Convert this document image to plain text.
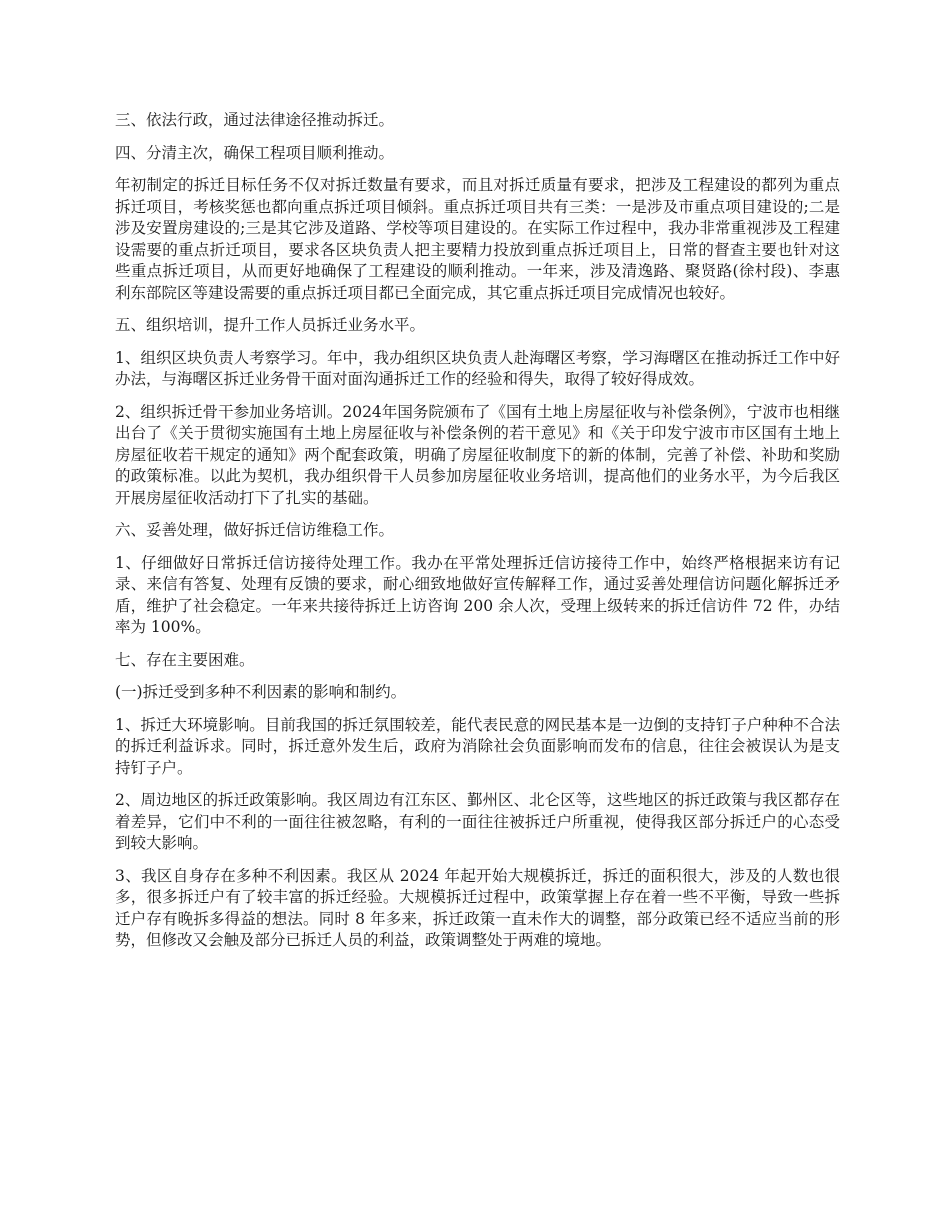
三、依法行政，通过法律途径推动拆迁。

四、分清主次，确保工程项目顺利推动。

年初制定的拆迁目标任务不仅对拆迁数量有要求，而且对拆迁质量有要求，把涉及工程建设的都列为重点拆迁项目，考核奖惩也都向重点拆迁项目倾斜。重点拆迁项目共有三类：一是涉及市重点项目建设的;二是涉及安置房建设的;三是其它涉及道路、学校等项目建设的。在实际工作过程中，我办非常重视涉及工程建设需要的重点折迁项目，要求各区块负责人把主要精力投放到重点拆迁项目上，日常的督查主要也针对这些重点拆迁项目，从而更好地确保了工程建设的顺利推动。一年来，涉及清逸路、聚贤路(徐村段)、李惠利东部院区等建设需要的重点拆迁项目都已全面完成，其它重点拆迁项目完成情况也较好。

五、组织培训，提升工作人员拆迁业务水平。

1、组织区块负责人考察学习。年中，我办组织区块负责人赴海曙区考察，学习海曙区在推动拆迁工作中好办法，与海曙区拆迁业务骨干面对面沟通拆迁工作的经验和得失，取得了较好得成效。

2、组织拆迁骨干参加业务培训。2024年国务院颁布了《国有土地上房屋征收与补偿条例》，宁波市也相继出台了《关于贯彻实施国有土地上房屋征收与补偿条例的若干意见》和《关于印发宁波市市区国有土地上房屋征收若干规定的通知》两个配套政策，明确了房屋征收制度下的新的体制，完善了补偿、补助和奖励的政策标准。以此为契机，我办组织骨干人员参加房屋征收业务培训，提高他们的业务水平，为今后我区开展房屋征收活动打下了扎实的基础。

六、妥善处理，做好拆迁信访维稳工作。

1、仔细做好日常拆迁信访接待处理工作。我办在平常处理拆迁信访接待工作中，始终严格根据来访有记录、来信有答复、处理有反馈的要求，耐心细致地做好宣传解释工作，通过妥善处理信访问题化解拆迁矛盾，维护了社会稳定。一年来共接待拆迁上访咨询 200 余人次，受理上级转来的拆迁信访件 72 件，办结率为 100%。

七、存在主要困难。

(一)拆迁受到多种不利因素的影响和制约。

1、拆迁大环境影响。目前我国的拆迁氛围较差，能代表民意的网民基本是一边倒的支持钉子户种种不合法的拆迁利益诉求。同时，拆迁意外发生后，政府为消除社会负面影响而发布的信息，往往会被误认为是支持钉子户。

2、周边地区的拆迁政策影响。我区周边有江东区、鄞州区、北仑区等，这些地区的拆迁政策与我区都存在着差异，它们中不利的一面往往被忽略，有利的一面往往被拆迁户所重视，使得我区部分拆迁户的心态受到较大影响。

3、我区自身存在多种不利因素。我区从 2024 年起开始大规模拆迁，拆迁的面积很大，涉及的人数也很多，很多拆迁户有了较丰富的拆迁经验。大规模拆迁过程中，政策掌握上存在着一些不平衡，导致一些拆迁户存有晚拆多得益的想法。同时 8 年多来，拆迁政策一直未作大的调整，部分政策已经不适应当前的形势，但修改又会触及部分已拆迁人员的利益，政策调整处于两难的境地。
